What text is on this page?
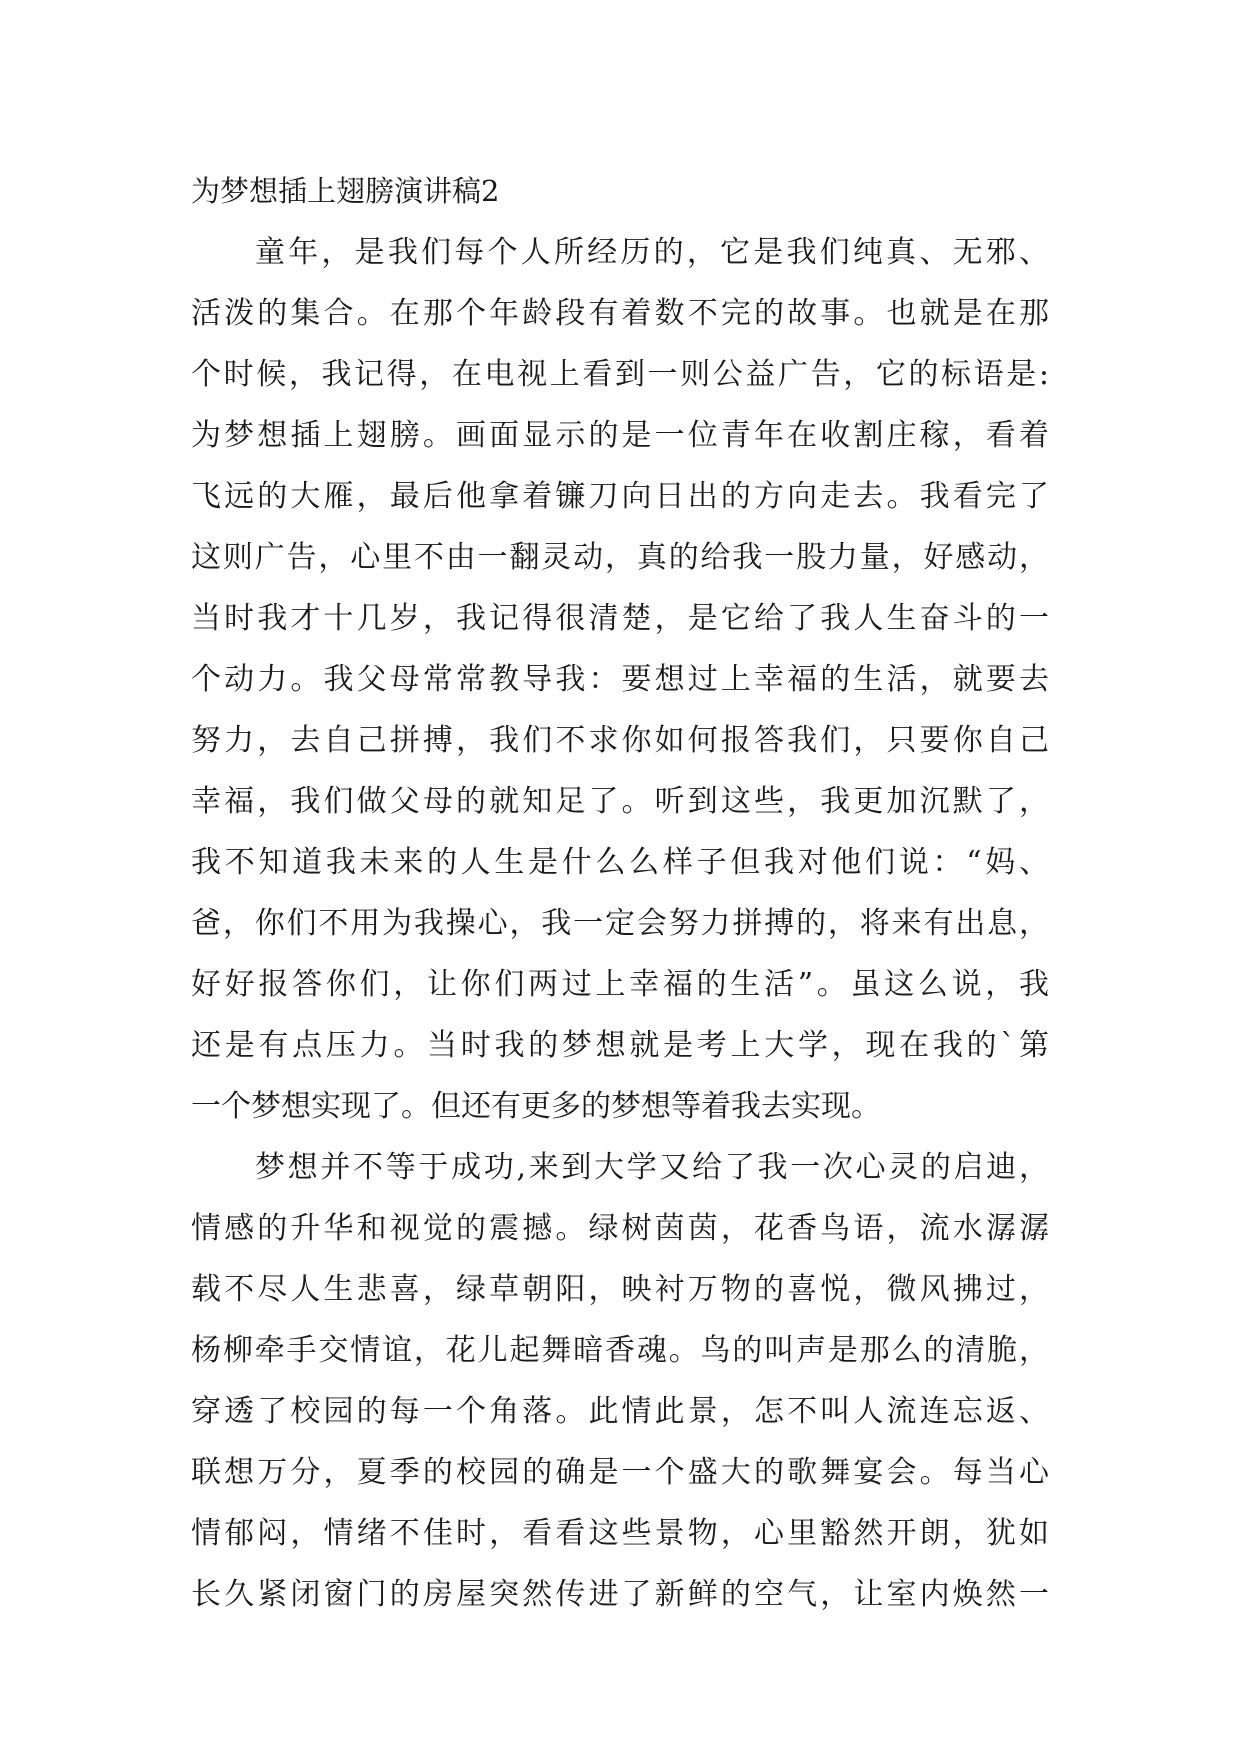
为梦想插上翅膀演讲稿2

童年，是我们每个人所经历的，它是我们纯真、无邪、
活泼的集合。在那个年龄段有着数不完的故事。也就是在那
个时候，我记得，在电视上看到一则公益广告，它的标语是:
为梦想插上翅膀。画面显示的是一位青年在收割庄稼，看着
飞远的大雁，最后他拿着镰刀向日出的方向走去。我看完了
这则广告，心里不由一翻灵动，真的给我一股力量，好感动，
当时我才十几岁，我记得很清楚，是它给了我人生奋斗的一
个动力。我父母常常教导我：要想过上幸福的生活，就要去
努力，去自己拼搏，我们不求你如何报答我们，只要你自己
幸福，我们做父母的就知足了。听到这些，我更加沉默了，
我不知道我未来的人生是什么么样子但我对他们说：“妈、
爸，你们不用为我操心，我一定会努力拼搏的，将来有出息，
好好报答你们，让你们两过上幸福的生活”。虽这么说，我
还是有点压力。当时我的梦想就是考上大学，现在我的`第
一个梦想实现了。但还有更多的梦想等着我去实现。

梦想并不等于成功,来到大学又给了我一次心灵的启迪，
情感的升华和视觉的震撼。绿树茵茵，花香鸟语，流水潺潺
载不尽人生悲喜，绿草朝阳，映衬万物的喜悦，微风拂过，
杨柳牵手交情谊，花儿起舞暗香魂。鸟的叫声是那么的清脆，
穿透了校园的每一个角落。此情此景，怎不叫人流连忘返、
联想万分，夏季的校园的确是一个盛大的歌舞宴会。每当心
情郁闷，情绪不佳时，看看这些景物，心里豁然开朗，犹如
长久紧闭窗门的房屋突然传进了新鲜的空气，让室内焕然一
